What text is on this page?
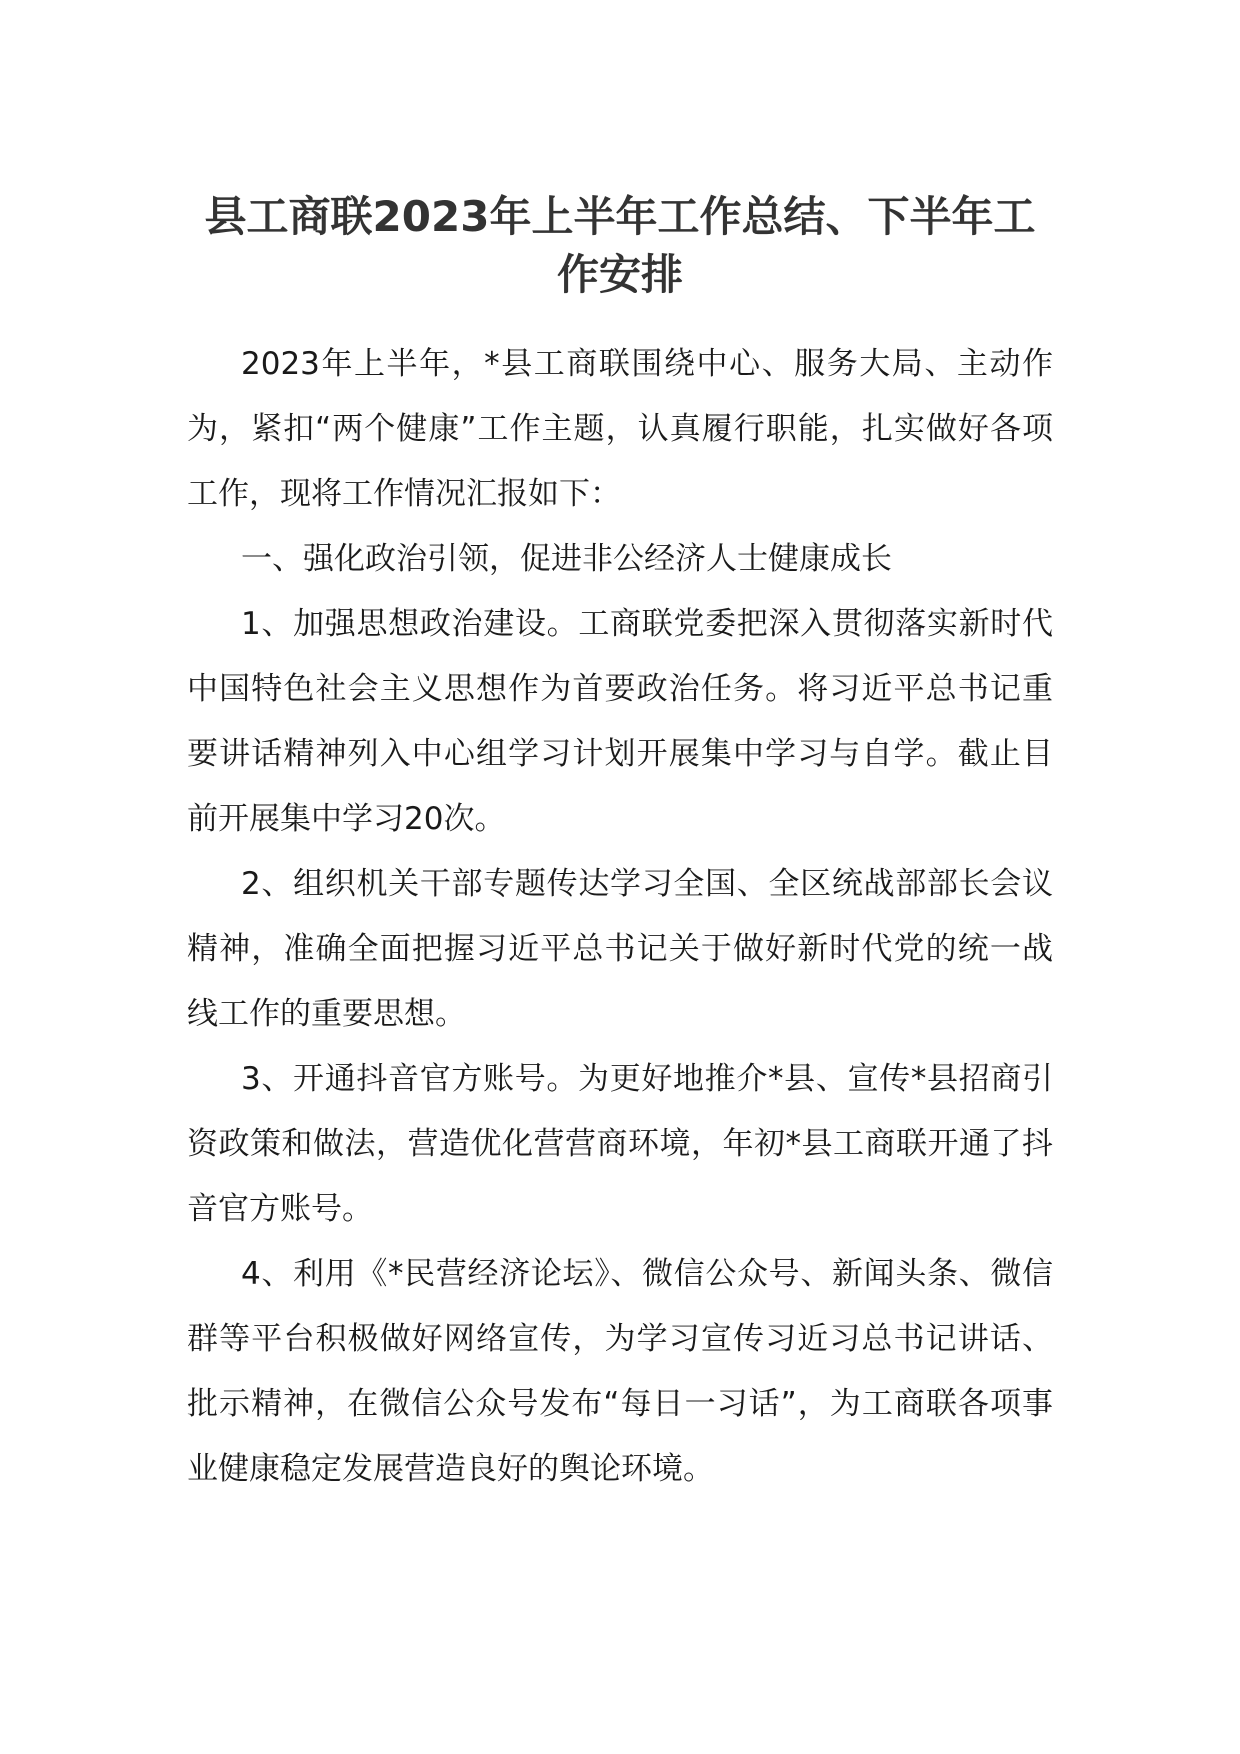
县工商联2023年上半年工作总结、下半年工作安排

2023年上半年，*县工商联围绕中心、服务大局、主动作为，紧扣“两个健康”工作主题，认真履行职能，扎实做好各项工作，现将工作情况汇报如下：

一、强化政治引领，促进非公经济人士健康成长

1、加强思想政治建设。工商联党委把深入贯彻落实新时代中国特色社会主义思想作为首要政治任务。将习近平总书记重要讲话精神列入中心组学习计划开展集中学习与自学。截止目前开展集中学习20次。

2、组织机关干部专题传达学习全国、全区统战部部长会议精神，准确全面把握习近平总书记关于做好新时代党的统一战线工作的重要思想。

3、开通抖音官方账号。为更好地推介*县、宣传*县招商引资政策和做法，营造优化营营商环境，年初*县工商联开通了抖音官方账号。

4、利用《*民营经济论坛》、微信公众号、新闻头条、微信群等平台积极做好网络宣传，为学习宣传习近习总书记讲话、批示精神，在微信公众号发布“每日一习话”，为工商联各项事业健康稳定发展营造良好的舆论环境。
